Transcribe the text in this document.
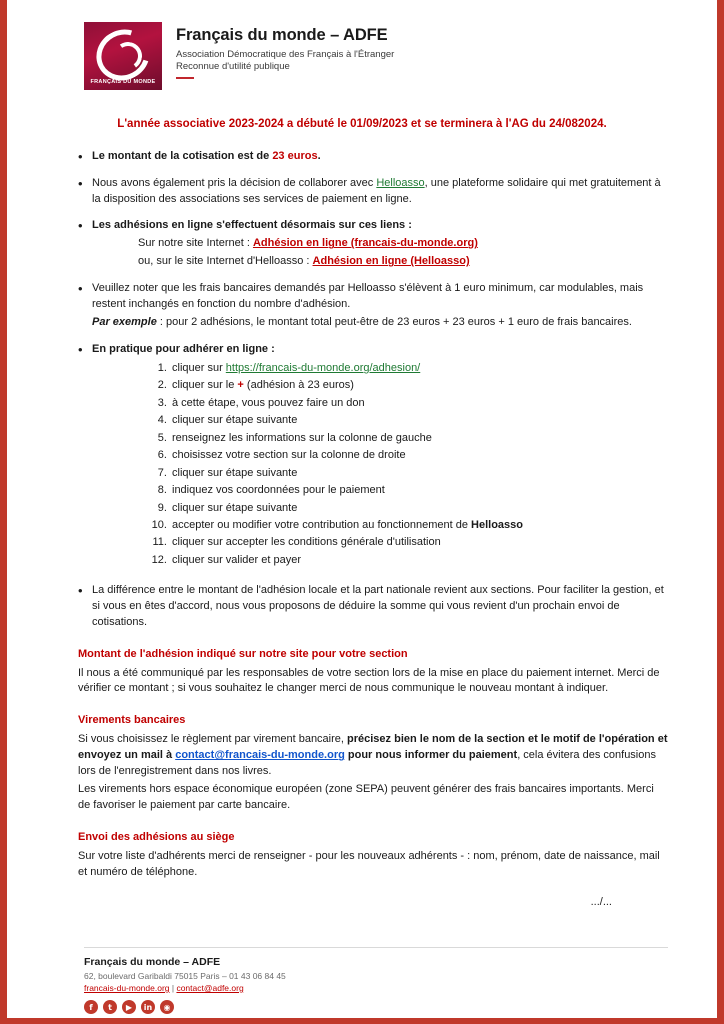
FRANÇAIS DU MONDE
Français du monde – ADFE
Association Démocratique des Français à l'Étranger
Reconnue d'utilité publique

L'année associative 2023-2024 a débuté le 01/09/2023 et se terminera à l'AG du 24/082024.

• Le montant de la cotisation est de 23 euros.
• Nous avons également pris la décision de collaborer avec Helloasso, une plateforme solidaire qui met gratuitement à la disposition des associations ses services de paiement en ligne.
• Les adhésions en ligne s'effectuent désormais sur ces liens :
Sur notre site Internet : Adhésion en ligne (francais-du-monde.org)
ou, sur le site Internet d'Helloasso : Adhésion en ligne (Helloasso)
• Veuillez noter que les frais bancaires demandés par Helloasso s'élèvent à 1 euro minimum, car modulables, mais restent inchangés en fonction du nombre d'adhésion.
Par exemple : pour 2 adhésions, le montant total peut-être de 23 euros + 23 euros + 1 euro de frais bancaires.
• En pratique pour adhérer en ligne :
1. cliquer sur https://francais-du-monde.org/adhesion/
2. cliquer sur le + (adhésion à 23 euros)
3. à cette étape, vous pouvez faire un don
4. cliquer sur étape suivante
5. renseignez les informations sur la colonne de gauche
6. choisissez votre section sur la colonne de droite
7. cliquer sur étape suivante
8. indiquez vos coordonnées pour le paiement
9. cliquer sur étape suivante
10. accepter ou modifier votre contribution au fonctionnement de Helloasso
11. cliquer sur accepter les conditions générale d'utilisation
12. cliquer sur valider et payer
• La différence entre le montant de l'adhésion locale et la part nationale revient aux sections. Pour faciliter la gestion, et si vous en êtes d'accord, nous vous proposons de déduire la somme qui vous revient d'un prochain envoi de cotisations.
Montant de l'adhésion indiqué sur notre site pour votre section

Il nous a été communiqué par les responsables de votre section lors de la mise en place du paiement internet. Merci de vérifier ce montant ; si vous souhaitez le changer merci de nous communique le nouveau montant à indiquer.

Virements bancaires

Si vous choisissez le règlement par virement bancaire, précisez bien le nom de la section et le motif de l'opération et envoyez un mail à contact@francais-du-monde.org pour nous informer du paiement, cela évitera des confusions lors de l'enregistrement dans nos livres.

Les virements hors espace économique européen (zone SEPA) peuvent générer des frais bancaires importants. Merci de favoriser le paiement par carte bancaire.

Envoi des adhésions au siège

Sur votre liste d'adhérents merci de renseigner - pour les nouveaux adhérents - : nom, prénom, date de naissance, mail et numéro de téléphone.

.../...
Français du monde – ADFE
62, boulevard Garibaldi 75015 Paris – 01 43 06 84 45
francais-du-monde.org | contact@adfe.org
f	t	▶	in	◉
